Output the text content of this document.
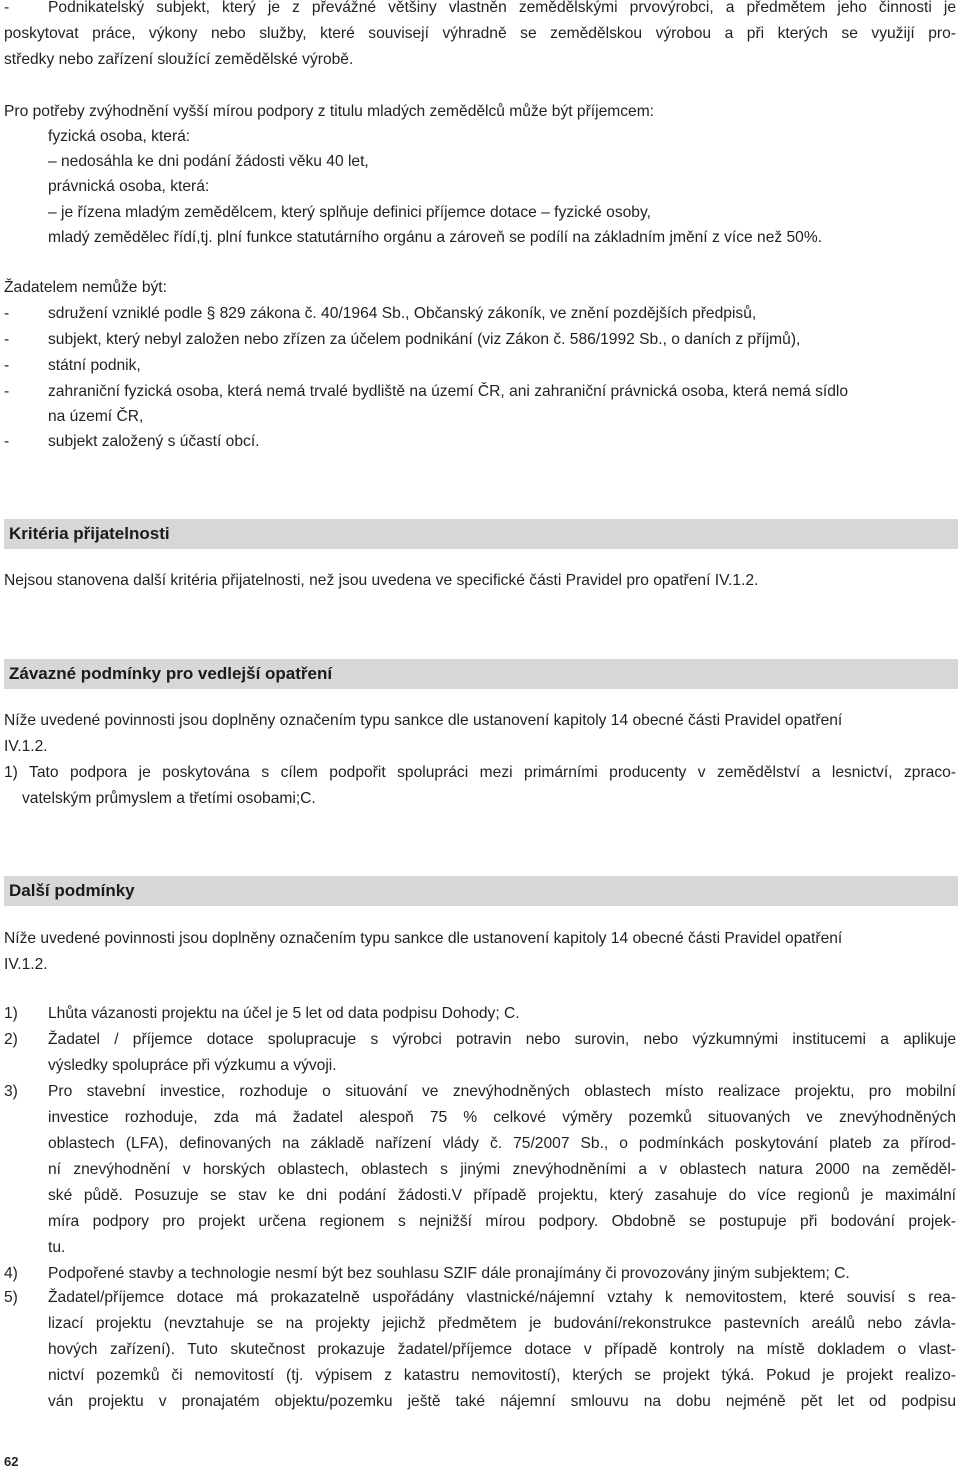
- Podnikatelský subjekt, který je z převážné většiny vlastněn zemědělskými prvovýrobci, a předmětem jeho činnosti je
poskytovat práce, výkony nebo služby, které souvisejí výhradně se zemědělskou výrobou a při kterých se využijí pro-
středky nebo zařízení sloužící zemědělské výrobě.
Pro potřeby zvýhodnění vyšší mírou podpory z titulu mladých zemědělců může být příjemcem:
fyzická osoba, která:
– nedosáhla ke dni podání žádosti věku 40 let,
právnická osoba, která:
– je řízena mladým zemědělcem, který splňuje definici příjemce dotace – fyzické osoby,
mladý zemědělec řídí,tj. plní funkce statutárního orgánu a zároveň se podílí na základním jmění z více než 50%.
Žadatelem nemůže být:
- sdružení vzniklé podle § 829 zákona č. 40/1964 Sb., Občanský zákoník, ve znění pozdějších předpisů,
- subjekt, který nebyl založen nebo zřízen za účelem podnikání (viz Zákon č. 586/1992 Sb., o daních z příjmů),
- státní podnik,
- zahraniční fyzická osoba, která nemá trvalé bydliště na území ČR, ani zahraniční právnická osoba, která nemá sídlo
na území ČR,
- subjekt založený s účastí obcí.
Kritéria přijatelnosti
Nejsou stanovena další kritéria přijatelnosti, než jsou uvedena ve specifické části Pravidel pro opatření IV.1.2.
Závazné podmínky pro vedlejší opatření
Níže uvedené povinnosti jsou doplněny označením typu sankce dle ustanovení kapitoly 14 obecné části Pravidel opatření
IV.1.2.
1) Tato podpora je poskytována s cílem podpořit spolupráci mezi primárními producenty v zemědělství a lesnictví, zpraco-
vatelským průmyslem a třetími osobami;C.
Další podmínky
Níže uvedené povinnosti jsou doplněny označením typu sankce dle ustanovení kapitoly 14 obecné části Pravidel opatření
IV.1.2.
1) Lhůta vázanosti projektu na účel je 5 let od data podpisu Dohody; C.
2) Žadatel / příjemce dotace spolupracuje s výrobci potravin nebo surovin, nebo výzkumnými institucemi a aplikuje
výsledky spolupráce při výzkumu a vývoji.
3) Pro stavební investice, rozhoduje o situování ve znevýhodněných oblastech místo realizace projektu, pro mobilní
investice rozhoduje, zda má žadatel alespoň 75 % celkové výměry pozemků situovaných ve znevýhodněných
oblastech (LFA), definovaných na základě nařízení vlády č. 75/2007 Sb., o podmínkách poskytování plateb za přírod-
ní znevýhodnění v horských oblastech, oblastech s jinými znevýhodněními a v oblastech natura 2000 na zeměděl-
ské půdě. Posuzuje se stav ke dni podání žádosti.V případě projektu, který zasahuje do více regionů je maximální
míra podpory pro projekt určena regionem s nejnižší mírou podpory. Obdobně se postupuje při bodování projek-
tu.
4) Podpořené stavby a technologie nesmí být bez souhlasu SZIF dále pronajímány či provozovány jiným subjektem; C.
5) Žadatel/příjemce dotace má prokazatelně uspořádány vlastnické/nájemní vztahy k nemovitostem, které souvisí s rea-
lizací projektu (nevztahuje se na projekty jejichž předmětem je budování/rekonstrukce pastevních areálů nebo závla-
hových zařízení). Tuto skutečnost prokazuje žadatel/příjemce dotace v případě kontroly na místě dokladem o vlast-
nictví pozemků či nemovitostí (tj. výpisem z katastru nemovitostí), kterých se projekt týká. Pokud je projekt realizo-
ván projektu v pronajatém objektu/pozemku ještě také nájemní smlouvu na dobu nejméně pět let od podpisu
62
